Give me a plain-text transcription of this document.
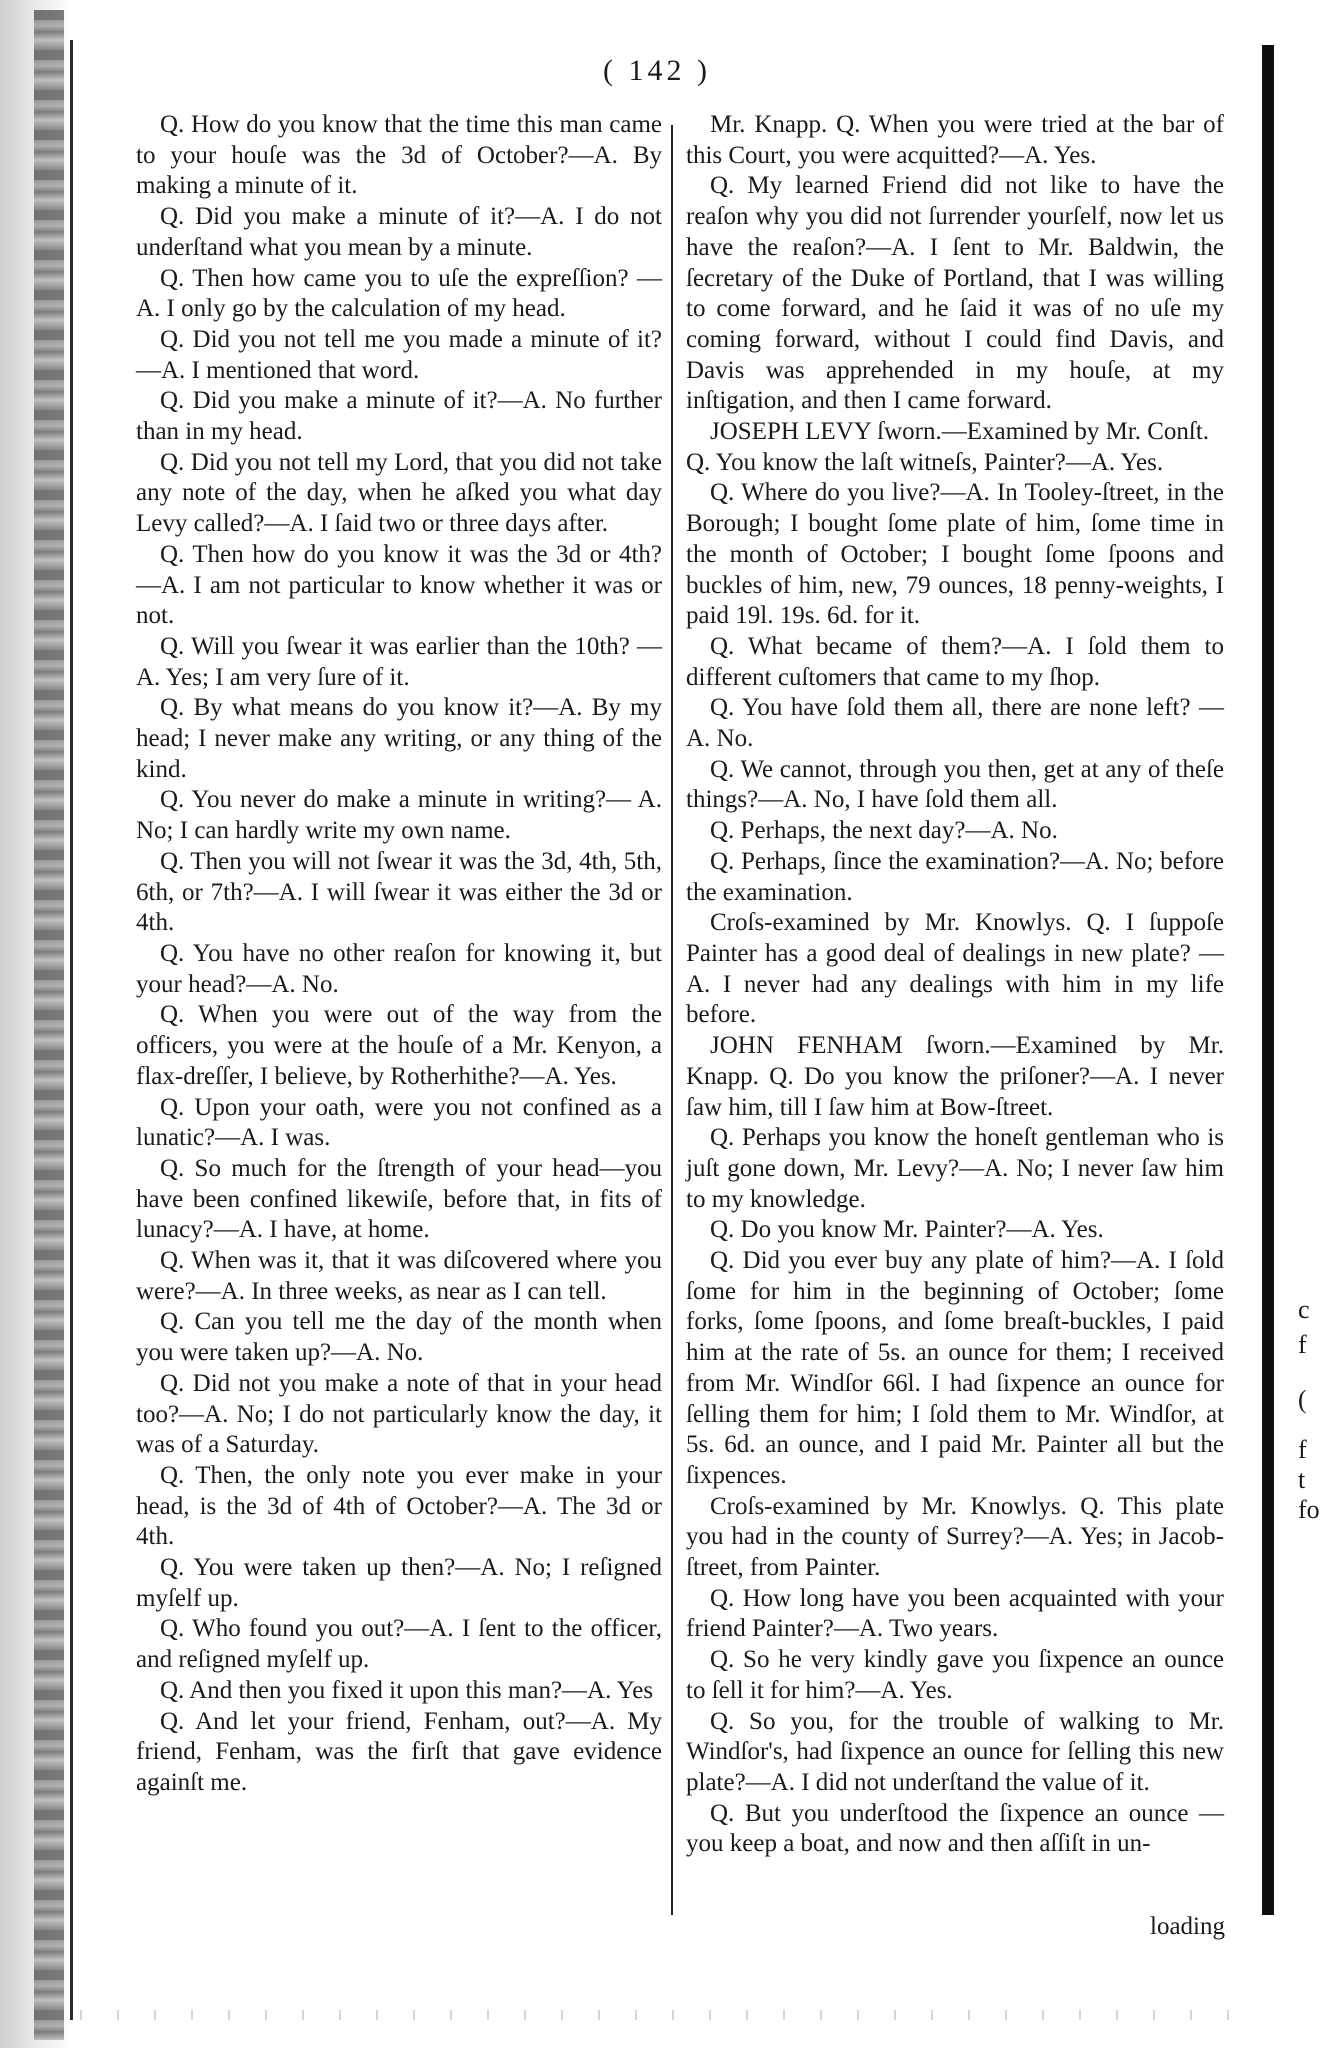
( 142 )

Q. How do you know that the time this man came to your houſe was the 3d of October?—A. By making a minute of it.

Q. Did you make a minute of it?—A. I do not underſtand what you mean by a minute.

Q. Then how came you to uſe the expreſſion? —A. I only go by the calculation of my head.

Q. Did you not tell me you made a minute of it?—A. I mentioned that word.

Q. Did you make a minute of it?—A. No further than in my head.

Q. Did you not tell my Lord, that you did not take any note of the day, when he aſked you what day Levy called?—A. I ſaid two or three days after.

Q. Then how do you know it was the 3d or 4th?—A. I am not particular to know whether it was or not.

Q. Will you ſwear it was earlier than the 10th? —A. Yes; I am very ſure of it.

Q. By what means do you know it?—A. By my head; I never make any writing, or any thing of the kind.

Q. You never do make a minute in writing?— A. No; I can hardly write my own name.

Q. Then you will not ſwear it was the 3d, 4th, 5th, 6th, or 7th?—A. I will ſwear it was either the 3d or 4th.

Q. You have no other reaſon for knowing it, but your head?—A. No.

Q. When you were out of the way from the officers, you were at the houſe of a Mr. Kenyon, a flax-dreſſer, I believe, by Rotherhithe?—A. Yes.

Q. Upon your oath, were you not confined as a lunatic?—A. I was.

Q. So much for the ſtrength of your head—you have been confined likewiſe, before that, in fits of lunacy?—A. I have, at home.

Q. When was it, that it was diſcovered where you were?—A. In three weeks, as near as I can tell.

Q. Can you tell me the day of the month when you were taken up?—A. No.

Q. Did not you make a note of that in your head too?—A. No; I do not particularly know the day, it was of a Saturday.

Q. Then, the only note you ever make in your head, is the 3d of 4th of October?—A. The 3d or 4th.

Q. You were taken up then?—A. No; I reſigned myſelf up.

Q. Who found you out?—A. I ſent to the officer, and reſigned myſelf up.

Q. And then you fixed it upon this man?—A. Yes

Q. And let your friend, Fenham, out?—A. My friend, Fenham, was the firſt that gave evidence againſt me.

Mr. Knapp. Q. When you were tried at the bar of this Court, you were acquitted?—A. Yes.

Q. My learned Friend did not like to have the reaſon why you did not ſurrender yourſelf, now let us have the reaſon?—A. I ſent to Mr. Baldwin, the ſecretary of the Duke of Portland, that I was willing to come forward, and he ſaid it was of no uſe my coming forward, without I could find Davis, and Davis was apprehended in my houſe, at my inſtigation, and then I came forward.

JOSEPH LEVY ſworn.—Examined by Mr. Conſt.

Q. You know the laſt witneſs, Painter?—A. Yes.

Q. Where do you live?—A. In Tooley-ſtreet, in the Borough; I bought ſome plate of him, ſome time in the month of October; I bought ſome ſpoons and buckles of him, new, 79 ounces, 18 penny-weights, I paid 19l. 19s. 6d. for it.

Q. What became of them?—A. I ſold them to different cuſtomers that came to my ſhop.

Q. You have ſold them all, there are none left? —A. No.

Q. We cannot, through you then, get at any of theſe things?—A. No, I have ſold them all.

Q. Perhaps, the next day?—A. No.

Q. Perhaps, ſince the examination?—A. No; before the examination.

Croſs-examined by Mr. Knowlys. Q. I ſuppoſe Painter has a good deal of dealings in new plate? —A. I never had any dealings with him in my life before.

JOHN FENHAM ſworn.—Examined by Mr. Knapp. Q. Do you know the priſoner?—A. I never ſaw him, till I ſaw him at Bow-ſtreet.

Q. Perhaps you know the honeſt gentleman who is juſt gone down, Mr. Levy?—A. No; I never ſaw him to my knowledge.

Q. Do you know Mr. Painter?—A. Yes.

Q. Did you ever buy any plate of him?—A. I ſold ſome for him in the beginning of October; ſome forks, ſome ſpoons, and ſome breaſt-buckles, I paid him at the rate of 5s. an ounce for them; I received from Mr. Windſor 66l. I had ſixpence an ounce for ſelling them for him; I ſold them to Mr. Windſor, at 5s. 6d. an ounce, and I paid Mr. Painter all but the ſixpences.

Croſs-examined by Mr. Knowlys. Q. This plate you had in the county of Surrey?—A. Yes; in Jacob-ſtreet, from Painter.

Q. How long have you been acquainted with your friend Painter?—A. Two years.

Q. So he very kindly gave you ſixpence an ounce to ſell it for him?—A. Yes.

Q. So you, for the trouble of walking to Mr. Windſor's, had ſixpence an ounce for ſelling this new plate?—A. I did not underſtand the value of it.

Q. But you underſtood the ſixpence an ounce —you keep a boat, and now and then aſſiſt in un-

loading
c
f
(
f
t
fo
